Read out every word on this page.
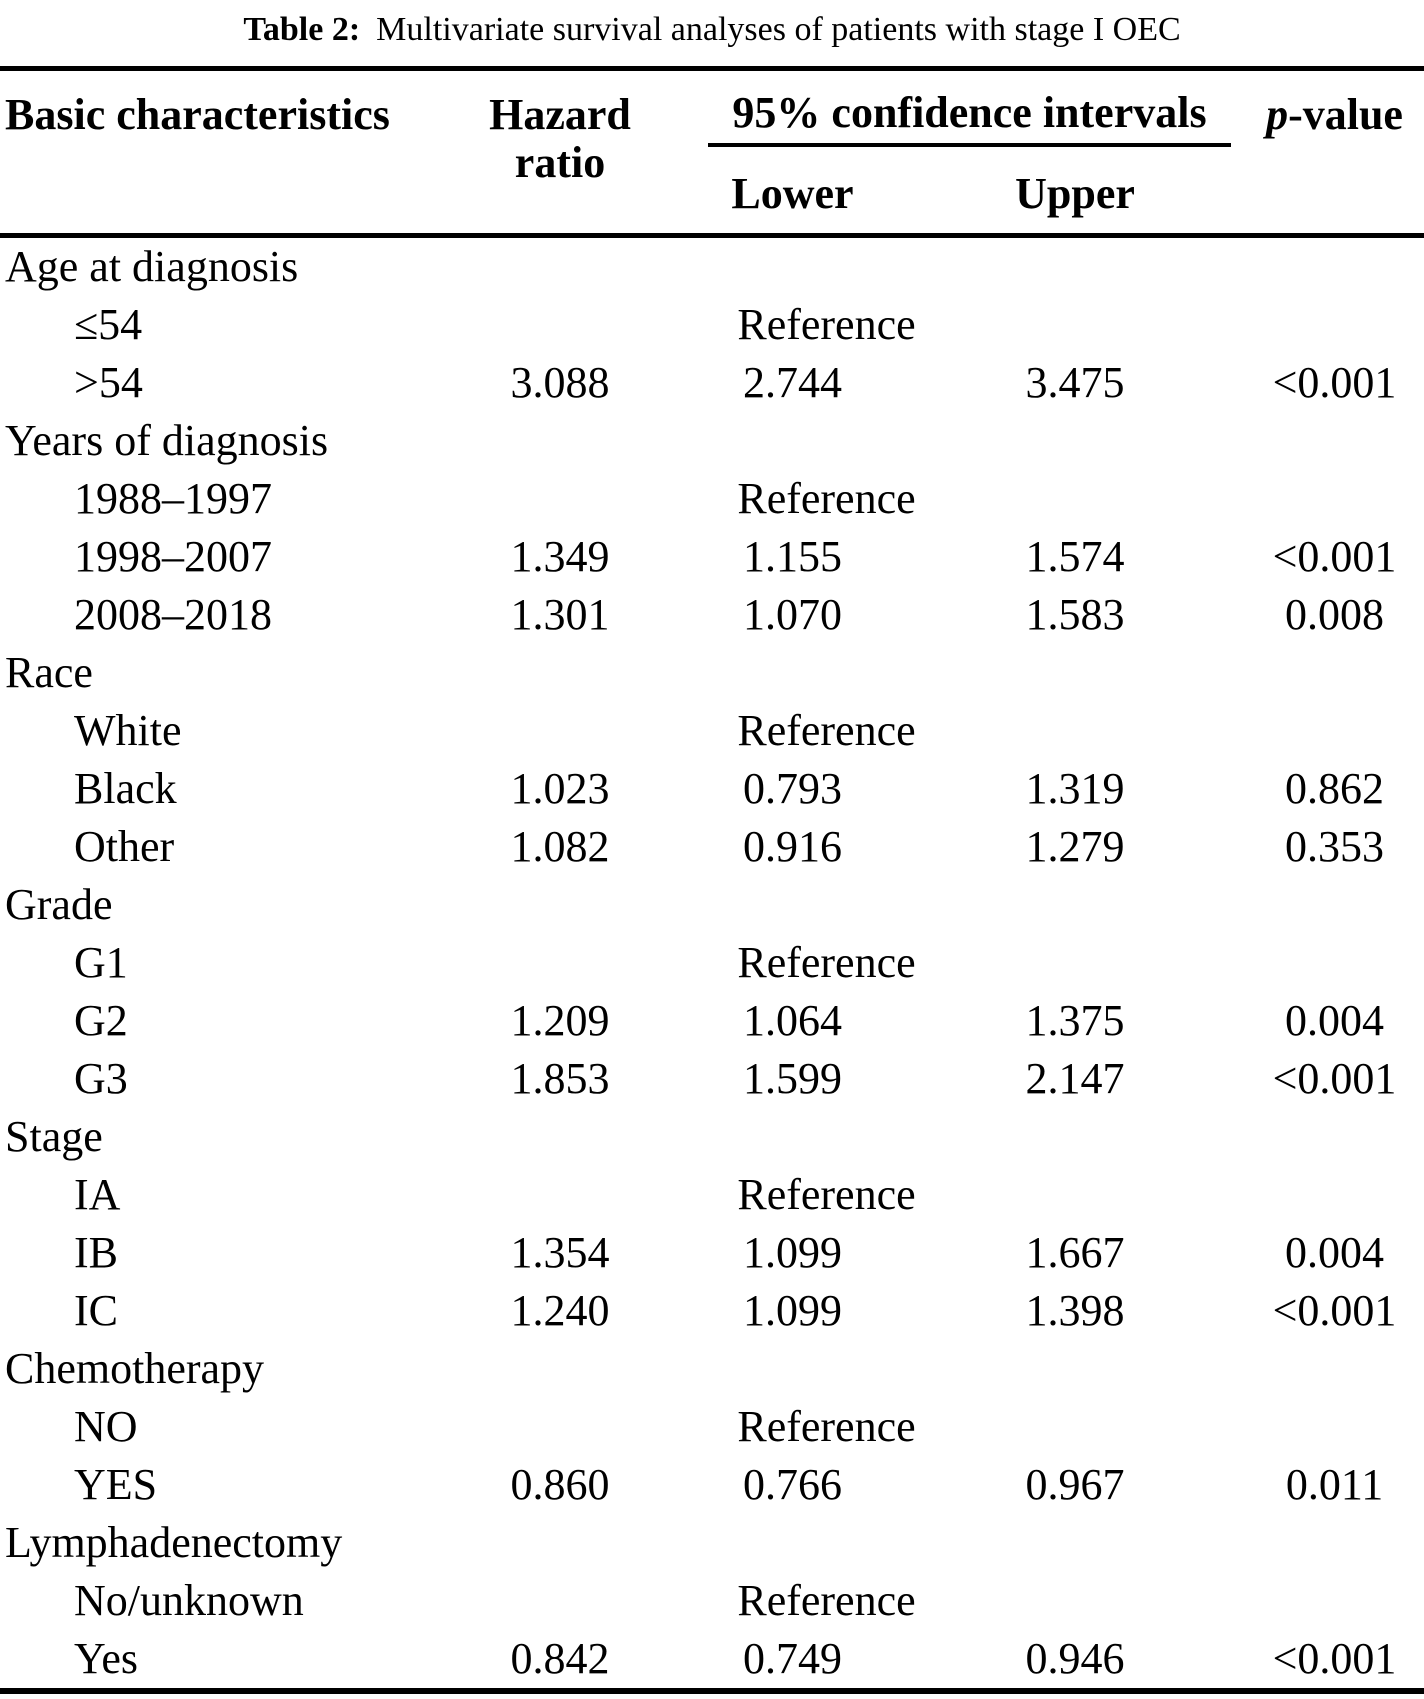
Table 2: Multivariate survival analyses of patients with stage I OEC
Basic characteristics	Hazard ratio	95% confidence intervals		p-value
		Lower	Upper	
Age at diagnosis				
≤54		Reference		
>54	3.088	2.744	3.475	<0.001
Years of diagnosis				
1988–1997		Reference		
1998–2007	1.349	1.155	1.574	<0.001
2008–2018	1.301	1.070	1.583	0.008
Race				
White		Reference		
Black	1.023	0.793	1.319	0.862
Other	1.082	0.916	1.279	0.353
Grade				
G1		Reference		
G2	1.209	1.064	1.375	0.004
G3	1.853	1.599	2.147	<0.001
Stage				
IA		Reference		
IB	1.354	1.099	1.667	0.004
IC	1.240	1.099	1.398	<0.001
Chemotherapy				
NO		Reference		
YES	0.860	0.766	0.967	0.011
Lymphadenectomy				
No/unknown		Reference		
Yes	0.842	0.749	0.946	<0.001
